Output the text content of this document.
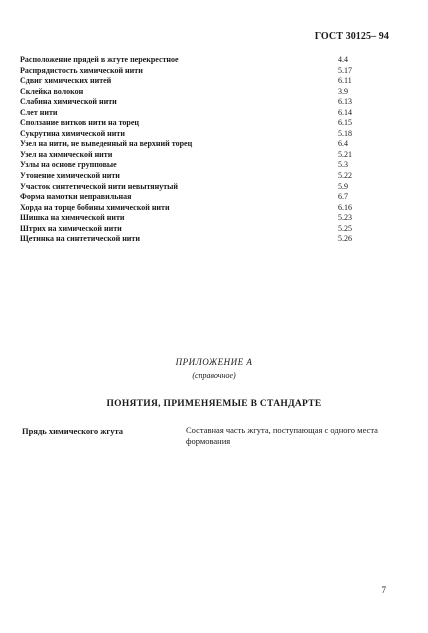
ГОСТ 30125– 94
Расположение прядей в жгуте перекрестное	4.4
Распрядистость химической нити	5.17
Сдвиг химических нитей	6.11
Склейка волокон	3.9
Слабина химической нити	6.13
Слет нити	6.14
Сползание витков нити на торец	6.15
Сукрутина химической нити	5.18
Узел на нити, не выведенный на верхний торец	6.4
Узел на химической нити	5.21
Узлы на основе групповые	5.3
Утонение химической нити	5.22
Участок синтетической нити невытянутый	5.9
Форма намотки неправильная	6.7
Хорда на торце бобины химической нити	6.16
Шишка на химической нити	5.23
Штрих на химической нити	5.25
Щетинка на синтетической нити	5.26
ПРИЛОЖЕНИЕ А
(справочное)
ПОНЯТИЯ, ПРИМЕНЯЕМЫЕ В СТАНДАРТЕ
Прядь химического жгута	Составная часть жгута, поступающая с одного места формования
7
